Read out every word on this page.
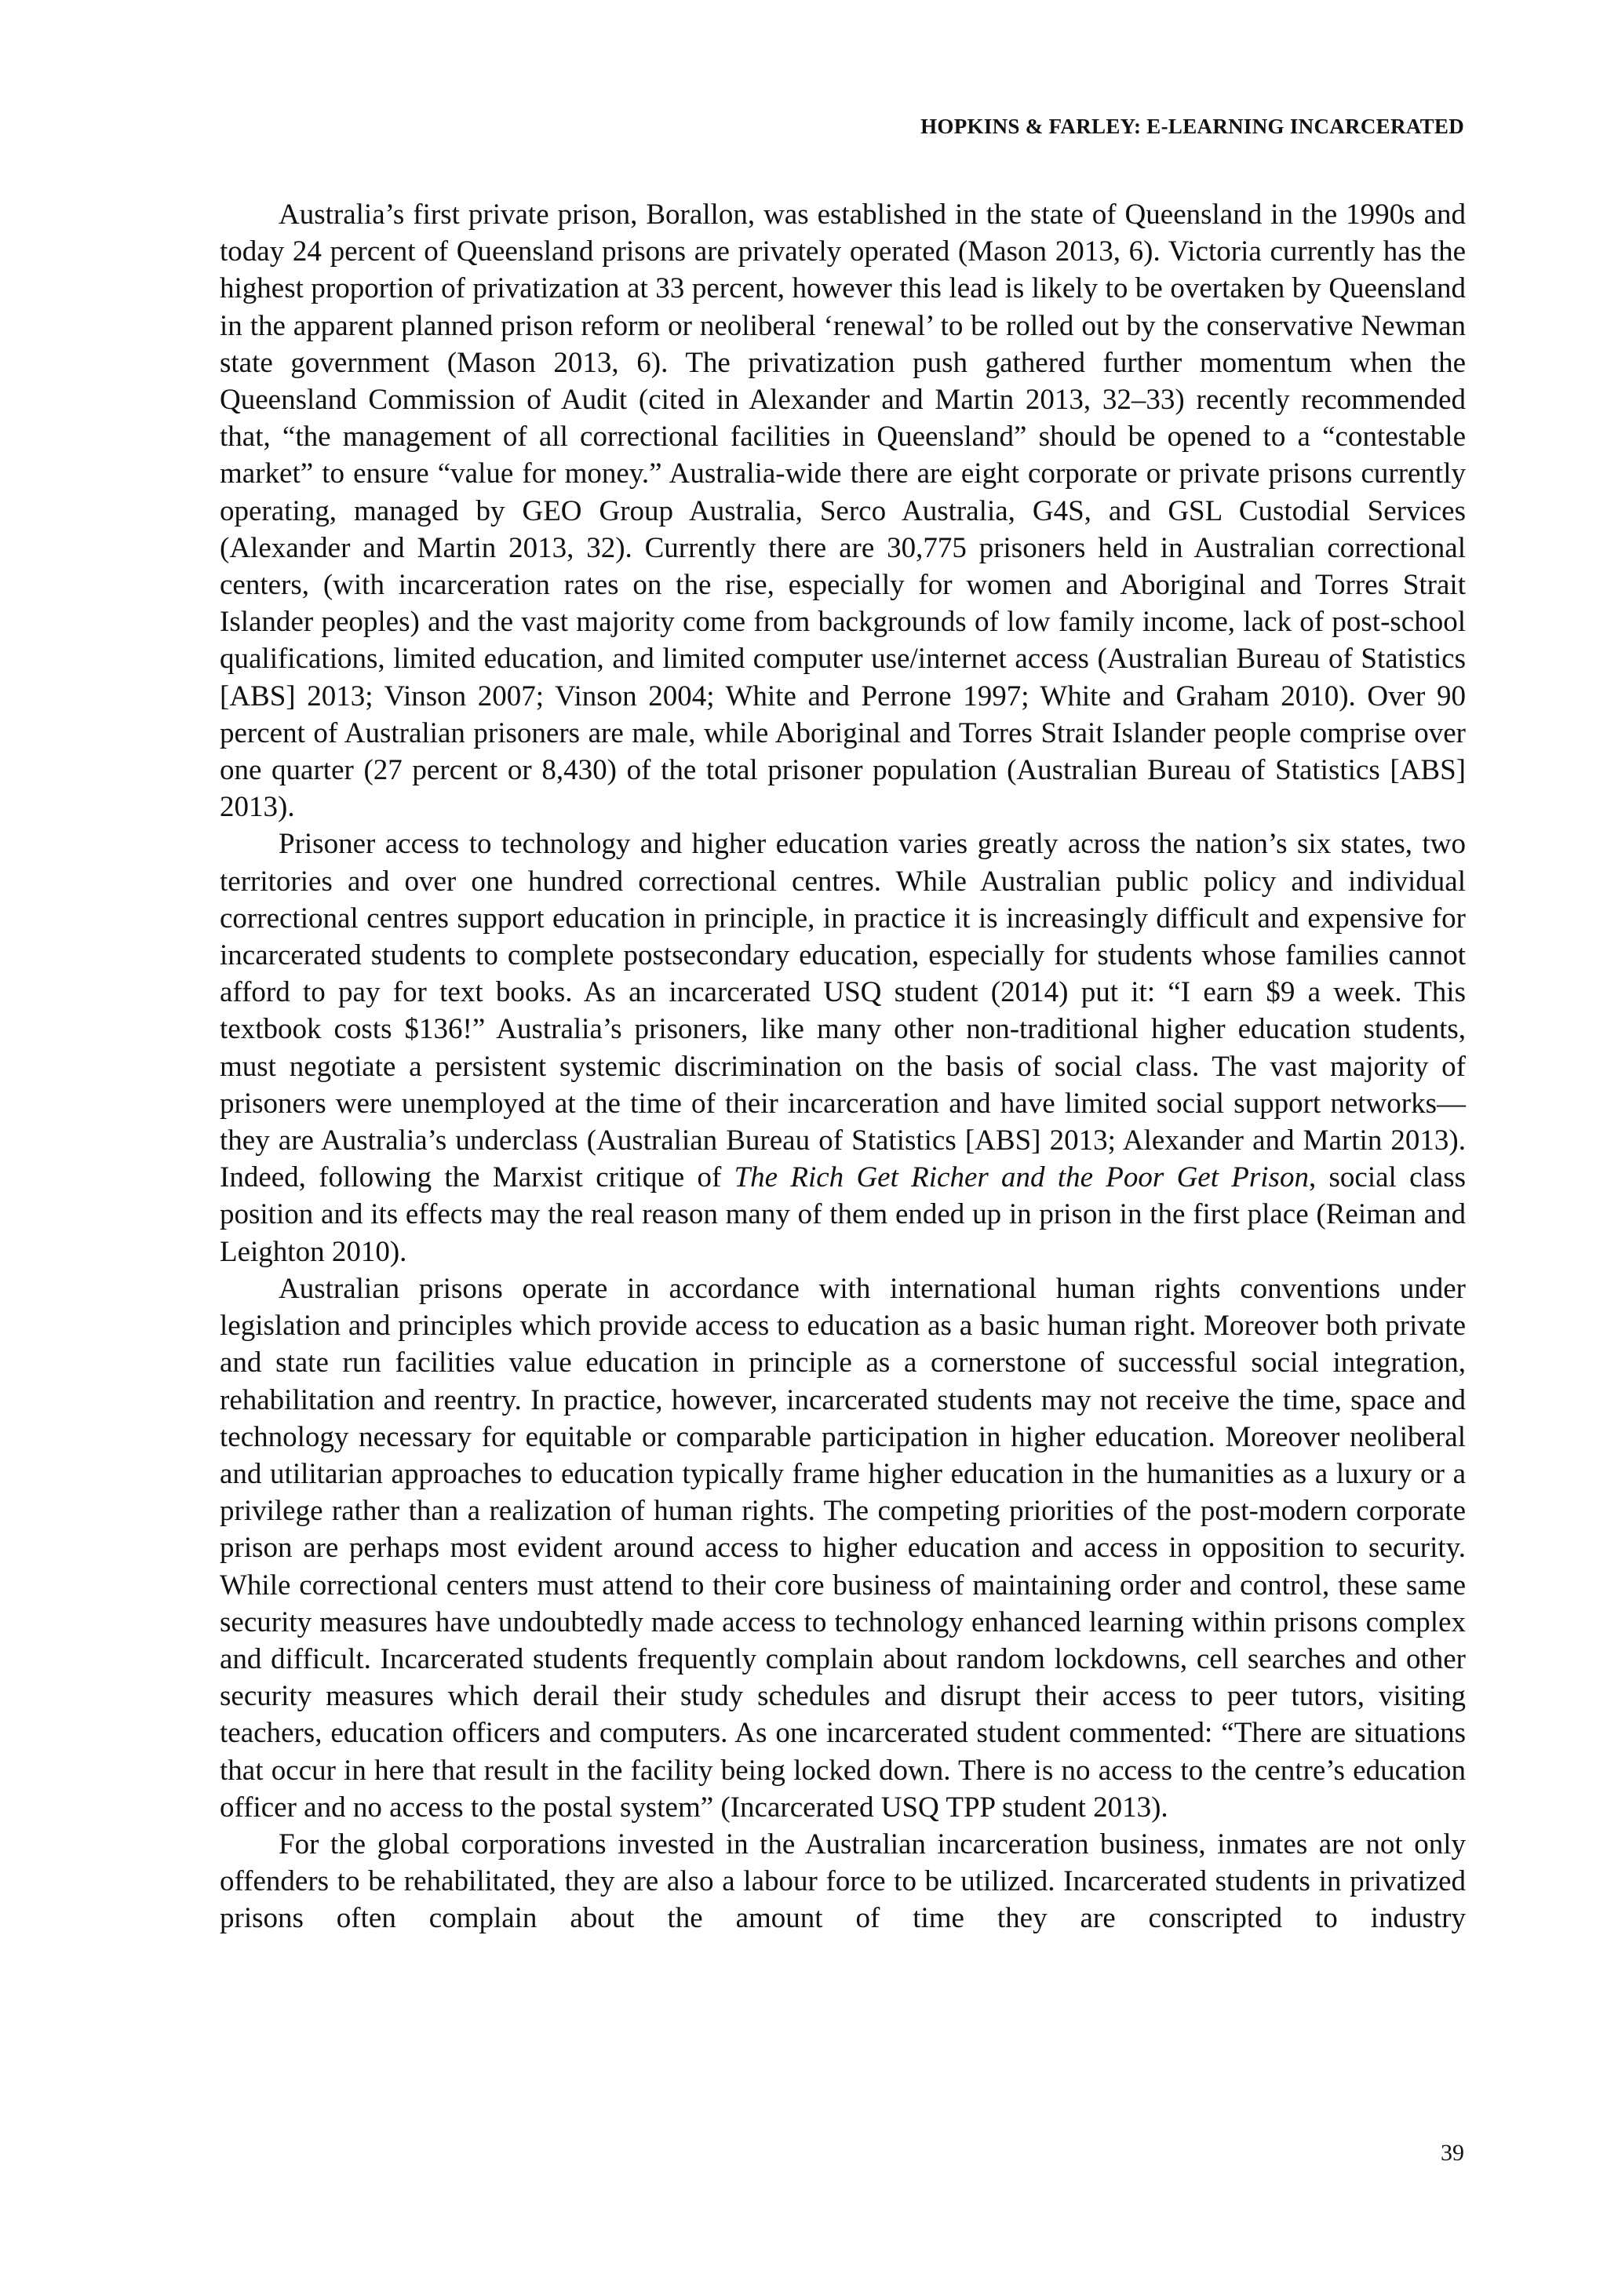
HOPKINS & FARLEY: E-LEARNING INCARCERATED

Australia’s first private prison, Borallon, was established in the state of Queensland in the 1990s and today 24 percent of Queensland prisons are privately operated (Mason 2013, 6). Victoria currently has the highest proportion of privatization at 33 percent, however this lead is likely to be overtaken by Queensland in the apparent planned prison reform or neoliberal ‘renewal’ to be rolled out by the conservative Newman state government (Mason 2013, 6). The privatization push gathered further momentum when the Queensland Commission of Audit (cited in Alexander and Martin 2013, 32–33) recently recommended that, “the management of all correctional facilities in Queensland” should be opened to a “contestable market” to ensure “value for money.” Australia-wide there are eight corporate or private prisons currently operating, managed by GEO Group Australia, Serco Australia, G4S, and GSL Custodial Services (Alexander and Martin 2013, 32). Currently there are 30,775 prisoners held in Australian correctional centers, (with incarceration rates on the rise, especially for women and Aboriginal and Torres Strait Islander peoples) and the vast majority come from backgrounds of low family income, lack of post-school qualifications, limited education, and limited computer use/internet access (Australian Bureau of Statistics [ABS] 2013; Vinson 2007; Vinson 2004; White and Perrone 1997; White and Graham 2010). Over 90 percent of Australian prisoners are male, while Aboriginal and Torres Strait Islander people comprise over one quarter (27 percent or 8,430) of the total prisoner population (Australian Bureau of Statistics [ABS] 2013).

Prisoner access to technology and higher education varies greatly across the nation’s six states, two territories and over one hundred correctional centres. While Australian public policy and individual correctional centres support education in principle, in practice it is increasingly difficult and expensive for incarcerated students to complete postsecondary education, especially for students whose families cannot afford to pay for text books. As an incarcerated USQ student (2014) put it: “I earn $9 a week. This textbook costs $136!” Australia’s prisoners, like many other non-traditional higher education students, must negotiate a persistent systemic discrimination on the basis of social class. The vast majority of prisoners were unemployed at the time of their incarceration and have limited social support networks—they are Australia’s underclass (Australian Bureau of Statistics [ABS] 2013; Alexander and Martin 2013). Indeed, following the Marxist critique of The Rich Get Richer and the Poor Get Prison, social class position and its effects may the real reason many of them ended up in prison in the first place (Reiman and Leighton 2010).

Australian prisons operate in accordance with international human rights conventions under legislation and principles which provide access to education as a basic human right. Moreover both private and state run facilities value education in principle as a cornerstone of successful social integration, rehabilitation and reentry. In practice, however, incarcerated students may not receive the time, space and technology necessary for equitable or comparable participation in higher education. Moreover neoliberal and utilitarian approaches to education typically frame higher education in the humanities as a luxury or a privilege rather than a realization of human rights. The competing priorities of the post-modern corporate prison are perhaps most evident around access to higher education and access in opposition to security. While correctional centers must attend to their core business of maintaining order and control, these same security measures have undoubtedly made access to technology enhanced learning within prisons complex and difficult. Incarcerated students frequently complain about random lockdowns, cell searches and other security measures which derail their study schedules and disrupt their access to peer tutors, visiting teachers, education officers and computers. As one incarcerated student commented: “There are situations that occur in here that result in the facility being locked down. There is no access to the centre’s education officer and no access to the postal system” (Incarcerated USQ TPP student 2013).

For the global corporations invested in the Australian incarceration business, inmates are not only offenders to be rehabilitated, they are also a labour force to be utilized. Incarcerated students in privatized prisons often complain about the amount of time they are conscripted to industry

39
